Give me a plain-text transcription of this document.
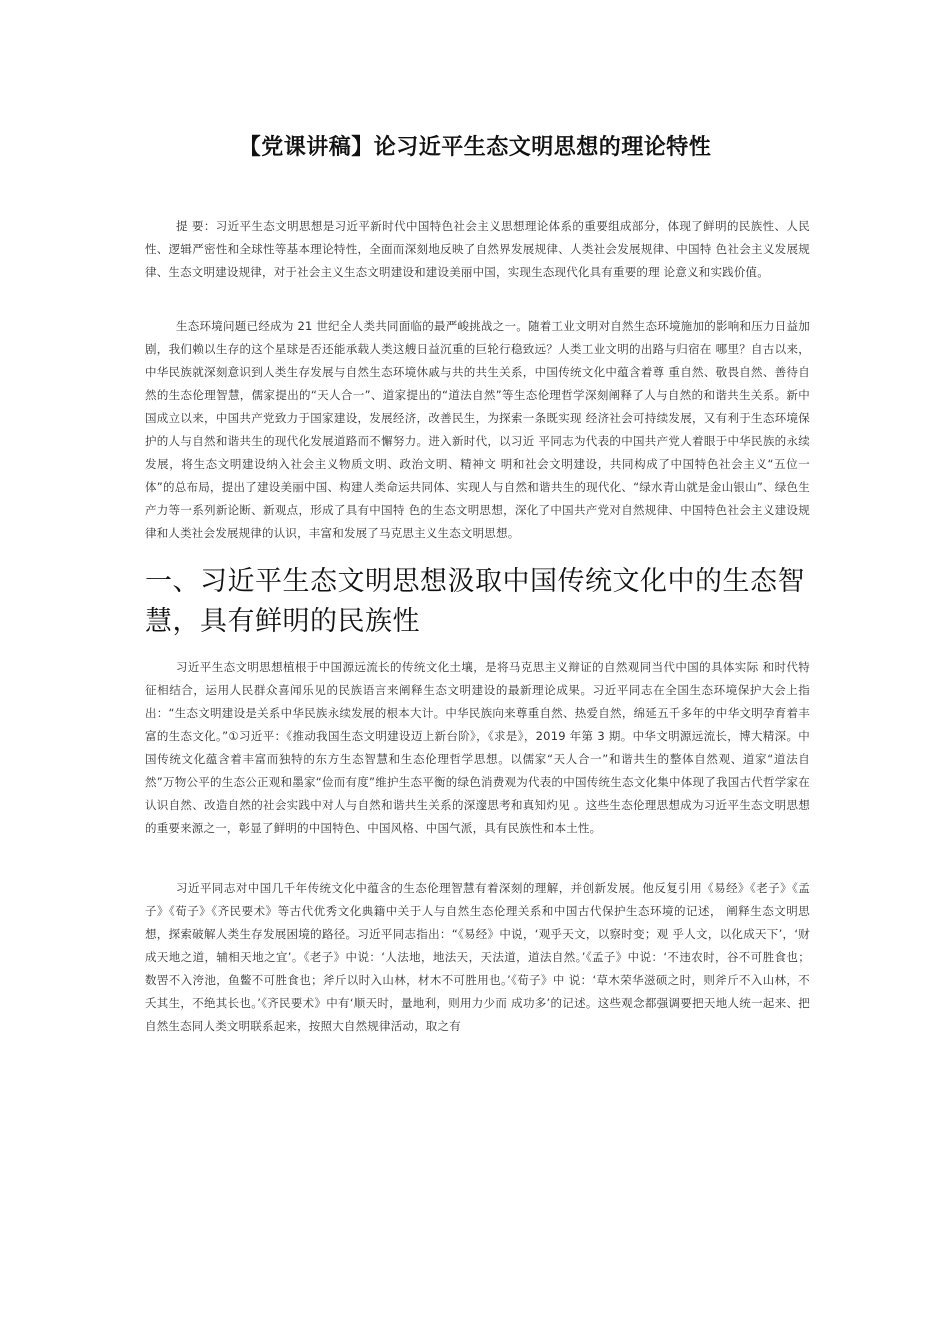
【党课讲稿】论习近平生态文明思想的理论特性

提 要：习近平生态文明思想是习近平新时代中国特色社会主义思想理论体系的重要组成部分，体现了鲜明的民族性、人民性、逻辑严密性和全球性等基本理论特性，全面而深刻地反映了自然界发展规律、人类社会发展规律、中国特 色社会主义发展规律、生态文明建设规律，对于社会主义生态文明建设和建设美丽中国，实现生态现代化具有重要的理 论意义和实践价值。

生态环境问题已经成为 21 世纪全人类共同面临的最严峻挑战之一。随着工业文明对自然生态环境施加的影响和压力日益加剧，我们赖以生存的这个星球是否还能承载人类这艘日益沉重的巨轮行稳致远？人类工业文明的出路与归宿在 哪里？自古以来，中华民族就深刻意识到人类生存发展与自然生态环境休戚与共的共生关系，中国传统文化中蕴含着尊 重自然、敬畏自然、善待自然的生态伦理智慧，儒家提出的“天人合一”、道家提出的“道法自然”等生态伦理哲学深刻阐释了人与自然的和谐共生关系。新中国成立以来，中国共产党致力于国家建设，发展经济，改善民生，为探索一条既实现 经济社会可持续发展，又有利于生态环境保护的人与自然和谐共生的现代化发展道路而不懈努力。进入新时代，以习近 平同志为代表的中国共产党人着眼于中华民族的永续发展，将生态文明建设纳入社会主义物质文明、政治文明、精神文 明和社会文明建设，共同构成了中国特色社会主义“五位一体”的总布局，提出了建设美丽中国、构建人类命运共同体、实现人与自然和谐共生的现代化、“绿水青山就是金山银山”、绿色生产力等一系列新论断、新观点，形成了具有中国特 色的生态文明思想，深化了中国共产党对自然规律、中国特色社会主义建设规律和人类社会发展规律的认识，丰富和发展了马克思主义生态文明思想。

一、习近平生态文明思想汲取中国传统文化中的生态智慧，具有鲜明的民族性

习近平生态文明思想植根于中国源远流长的传统文化土壤，是将马克思主义辩证的自然观同当代中国的具体实际 和时代特征相结合，运用人民群众喜闻乐见的民族语言来阐释生态文明建设的最新理论成果。习近平同志在全国生态环境保护大会上指出：“生态文明建设是关系中华民族永续发展的根本大计。中华民族向来尊重自然、热爱自然，绵延五千多年的中华文明孕育着丰富的生态文化。”①习近平：《推动我国生态文明建设迈上新台阶》，《求是》，2019 年第 3 期。中华文明源远流长，博大精深。中国传统文化蕴含着丰富而独特的东方生态智慧和生态伦理哲学思想。以儒家“天人合一”和谐共生的整体自然观、道家“道法自然”万物公平的生态公正观和墨家“俭而有度”维护生态平衡的绿色消费观为代表的中国传统生态文化集中体现了我国古代哲学家在认识自然、改造自然的社会实践中对人与自然和谐共生关系的深邃思考和真知灼见 。这些生态伦理思想成为习近平生态文明思想的重要来源之一，彰显了鲜明的中国特色、中国风格、中国气派，具有民族性和本土性。

习近平同志对中国几千年传统文化中蕴含的生态伦理智慧有着深刻的理解，并创新发展。他反复引用《易经》《老子》《孟子》《荀子》《齐民要术》等古代优秀文化典籍中关于人与自然生态伦理关系和中国古代保护生态环境的记述， 阐释生态文明思想，探索破解人类生存发展困境的路径。习近平同志指出：“《易经》中说，‘观乎天文，以察时变；观 乎人文，以化成天下’，‘财成天地之道，辅相天地之宜’。《老子》中说：‘人法地，地法天，天法道，道法自然。’《孟子》中说：‘不违农时，谷不可胜食也；数罟不入洿池，鱼鳖不可胜食也；斧斤以时入山林，材木不可胜用也。’《荀子》中 说：‘草木荣华滋硕之时，则斧斤不入山林，不夭其生，不绝其长也。’《齐民要术》中有‘顺天时，量地利，则用力少而 成功多’的记述。这些观念都强调要把天地人统一起来、把自然生态同人类文明联系起来，按照大自然规律活动，取之有
